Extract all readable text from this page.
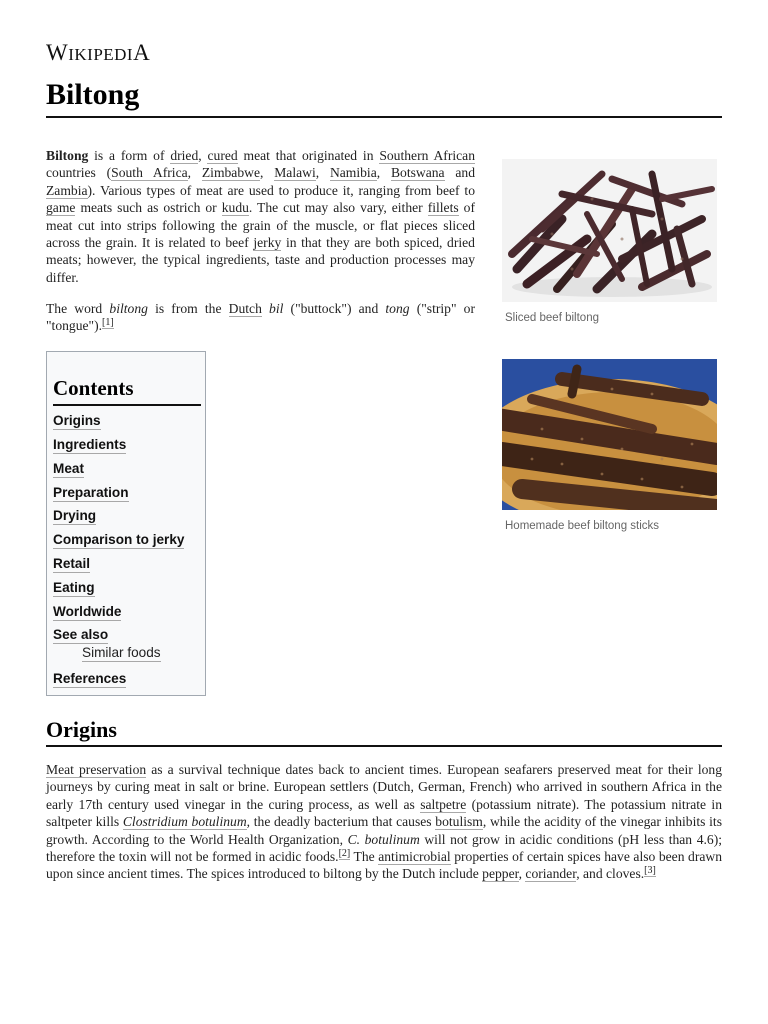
WIKIPEDIA
Biltong

Biltong is a form of dried, cured meat that originated in Southern African countries (South Africa, Zimbabwe, Malawi, Namibia, Botswana and Zambia). Various types of meat are used to produce it, ranging from beef to game meats such as ostrich or kudu. The cut may also vary, either fillets of meat cut into strips following the grain of the muscle, or flat pieces sliced across the grain. It is related to beef jerky in that they are both spiced, dried meats; however, the typical ingredients, taste and production processes may differ.

The word biltong is from the Dutch bil ("buttock") and tong ("strip" or "tongue").[1]	Sliced beef biltong
Homemade beef biltong sticks
Contents
Origins
Ingredients
Meat
Preparation
Drying
Comparison to jerky
Retail
Eating
Worldwide
See also
Similar foods
References
Origins

Meat preservation as a survival technique dates back to ancient times. European seafarers preserved meat for their long journeys by curing meat in salt or brine. European settlers (Dutch, German, French) who arrived in southern Africa in the early 17th century used vinegar in the curing process, as well as saltpetre (potassium nitrate). The potassium nitrate in saltpeter kills Clostridium botulinum, the deadly bacterium that causes botulism, while the acidity of the vinegar inhibits its growth. According to the World Health Organization, C. botulinum will not grow in acidic conditions (pH less than 4.6); therefore the toxin will not be formed in acidic foods.[2] The antimicrobial properties of certain spices have also been drawn upon since ancient times. The spices introduced to biltong by the Dutch include pepper, coriander, and cloves.[3]
